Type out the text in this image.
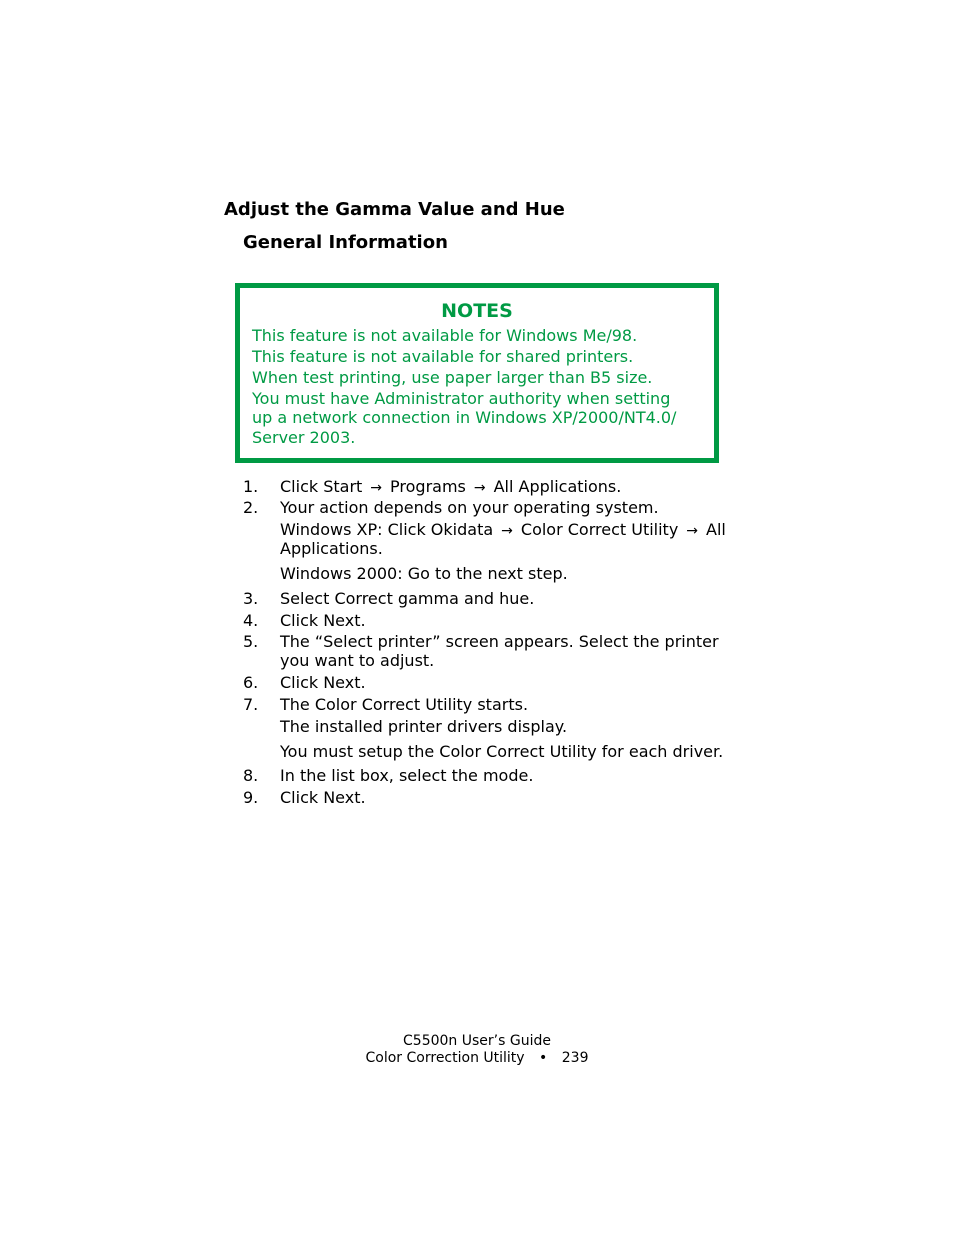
Adjust the Gamma Value and Hue
General Information
NOTES
This feature is not available for Windows Me/98.
This feature is not available for shared printers.
When test printing, use paper larger than B5 size.
You must have Administrator authority when setting
up a network connection in Windows XP/2000/NT4.0/
Server 2003.
1. Click Start → Programs → All Applications.
2. Your action depends on your operating system.
Windows XP: Click Okidata → Color Correct Utility → All
Applications.
Windows 2000: Go to the next step.
3. Select Correct gamma and hue.
4. Click Next.
5. The “Select printer” screen appears. Select the printer
you want to adjust.
6. Click Next.
7. The Color Correct Utility starts.
The installed printer drivers display.
You must setup the Color Correct Utility for each driver.
8. In the list box, select the mode.
9. Click Next.
C5500n User’s Guide
Color Correction Utility • 239
